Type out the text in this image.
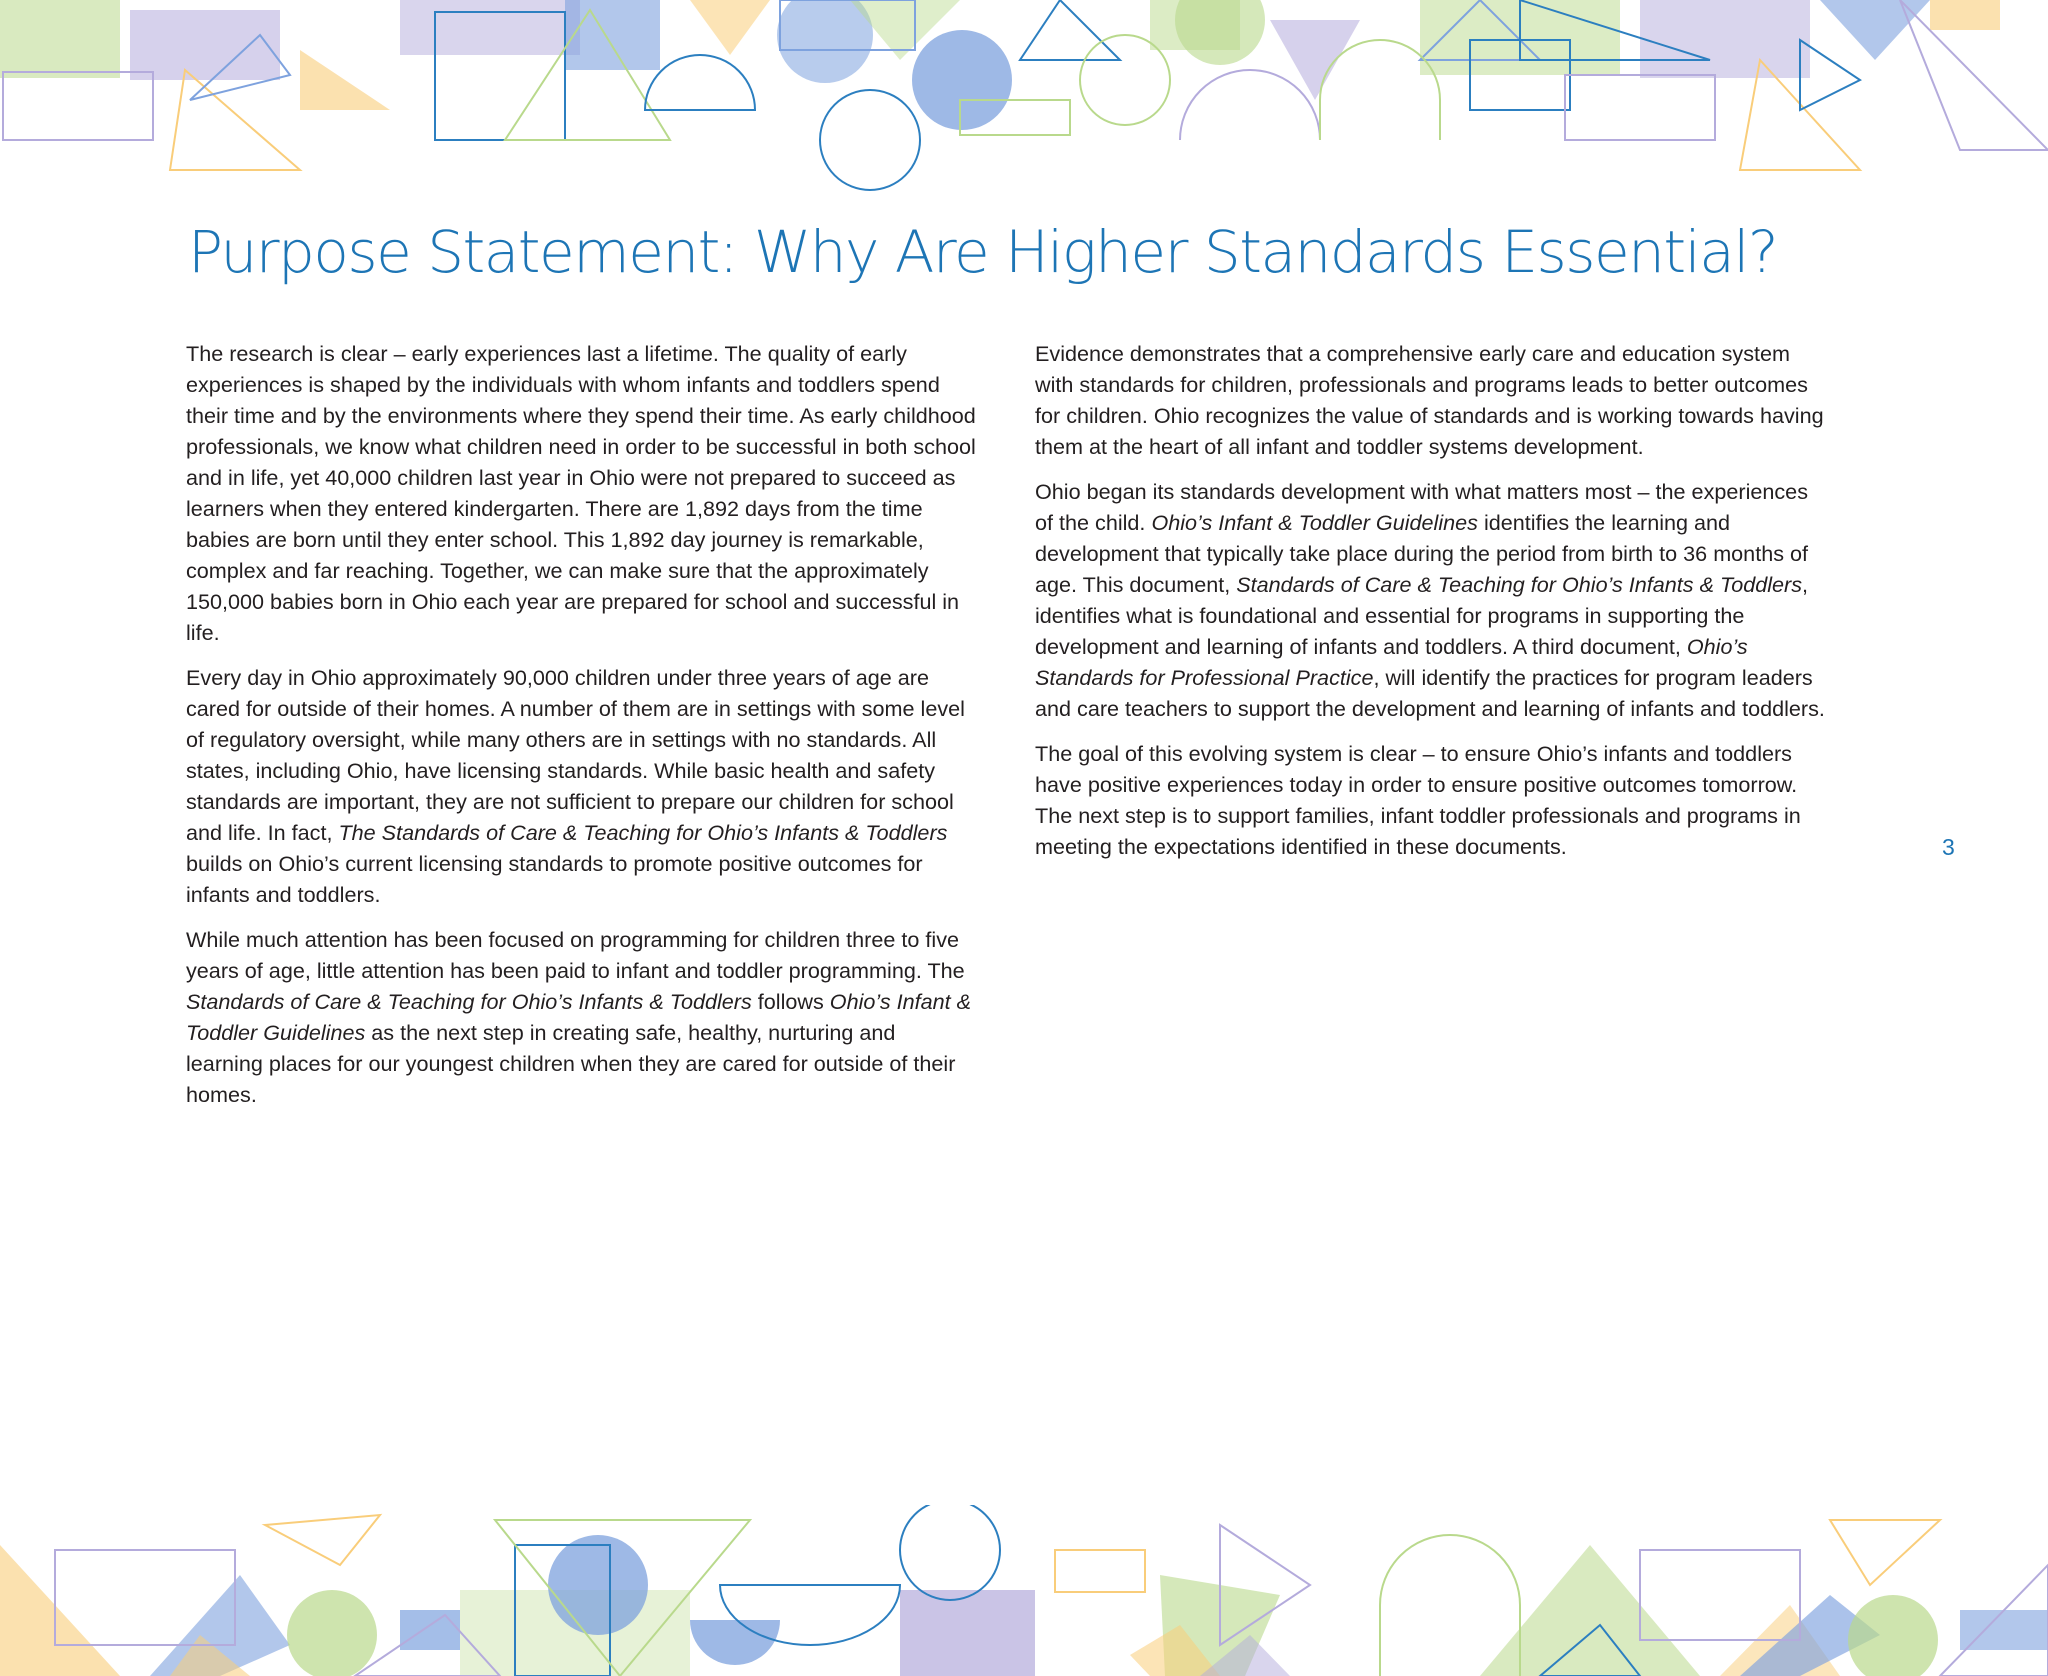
Purpose Statement: Why Are Higher Standards Essential?

The research is clear – early experiences last a lifetime. The quality of early experiences is shaped by the individuals with whom infants and toddlers spend their time and by the environments where they spend their time. As early childhood professionals, we know what children need in order to be successful in both school and in life, yet 40,000 children last year in Ohio were not prepared to succeed as learners when they entered kindergarten. There are 1,892 days from the time babies are born until they enter school. This 1,892 day journey is remarkable, complex and far reaching. Together, we can make sure that the approximately 150,000 babies born in Ohio each year are prepared for school and successful in life.

Every day in Ohio approximately 90,000 children under three years of age are cared for outside of their homes. A number of them are in settings with some level of regulatory oversight, while many others are in settings with no standards. All states, including Ohio, have licensing standards. While basic health and safety standards are important, they are not sufficient to prepare our children for school and life. In fact, The Standards of Care & Teaching for Ohio’s Infants & Toddlers builds on Ohio’s current licensing standards to promote positive outcomes for infants and toddlers.

While much attention has been focused on programming for children three to five years of age, little attention has been paid to infant and toddler programming. The Standards of Care & Teaching for Ohio’s Infants & Toddlers follows Ohio’s Infant & Toddler Guidelines as the next step in creating safe, healthy, nurturing and learning places for our youngest children when they are cared for outside of their homes.

Evidence demonstrates that a comprehensive early care and education system with standards for children, professionals and programs leads to better outcomes for children. Ohio recognizes the value of standards and is working towards having them at the heart of all infant and toddler systems development.

Ohio began its standards development with what matters most – the experiences of the child. Ohio’s Infant & Toddler Guidelines identifies the learning and development that typically take place during the period from birth to 36 months of age. This document, Standards of Care & Teaching for Ohio’s Infants & Toddlers, identifies what is foundational and essential for programs in supporting the development and learning of infants and toddlers. A third document, Ohio’s Standards for Professional Practice, will identify the practices for program leaders and care teachers to support the development and learning of infants and toddlers.

The goal of this evolving system is clear – to ensure Ohio’s infants and toddlers have positive experiences today in order to ensure positive outcomes tomorrow. The next step is to support families, infant toddler professionals and programs in meeting the expectations identified in these documents.	3
